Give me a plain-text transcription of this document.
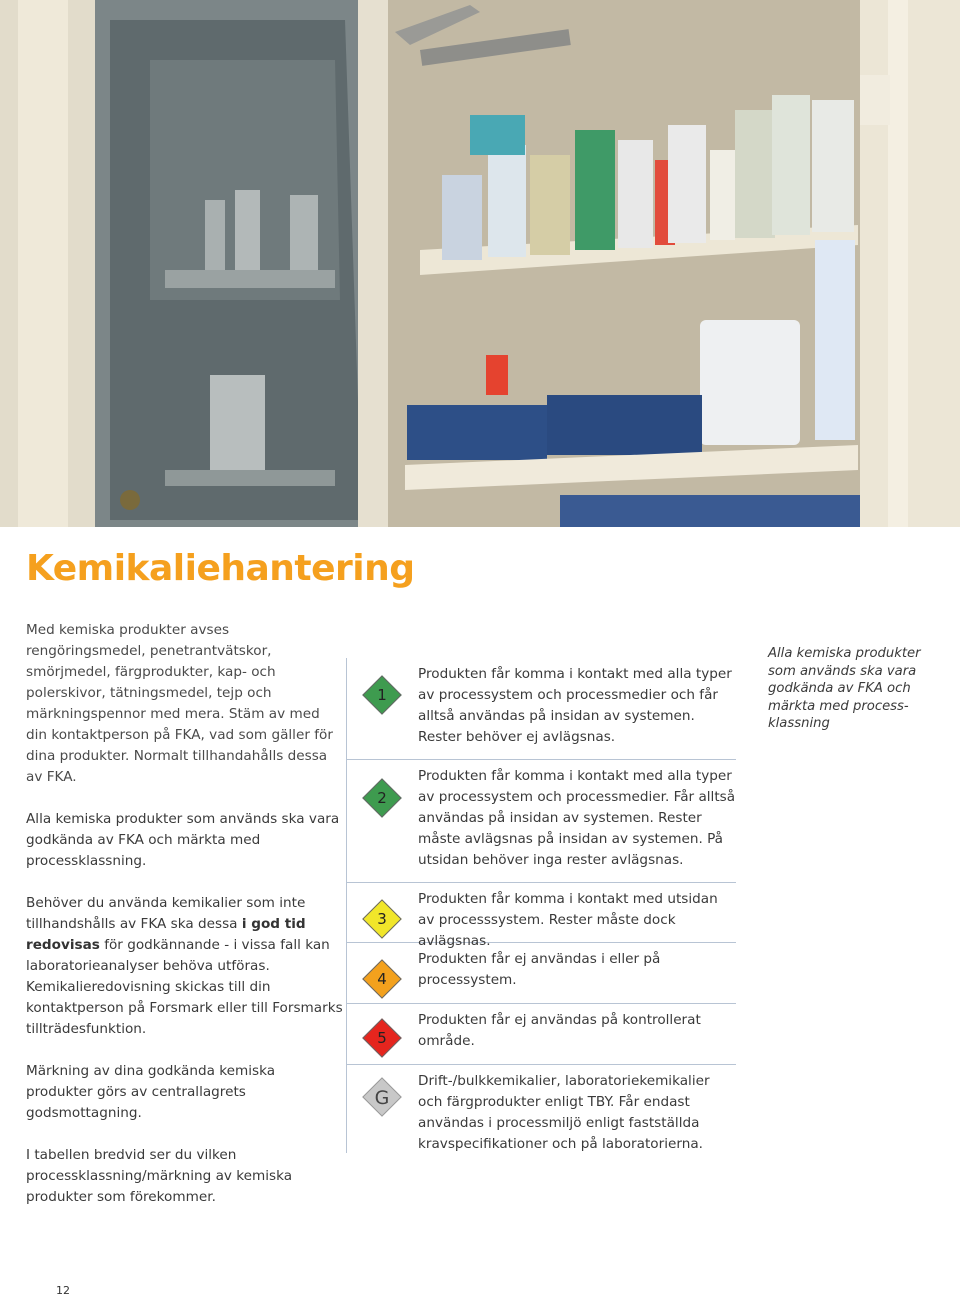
Kemikaliehantering

Med kemiska produkter avses rengöringsmedel, penetrantvätskor, smörjmedel, färgprodukter, kap- och polerskivor, tätningsmedel, tejp och märkningspennor med mera. Stäm av med din kontaktperson på FKA, vad som gäller för dina produkter. Normalt tillhandahålls dessa av FKA.

Alla kemiska produkter som används ska vara godkända av FKA och märkta med processklassning.

Behöver du använda kemikalier som inte tillhandshålls av FKA ska dessa i god tid redovisas för godkännande - i vissa fall kan laboratorieanalyser behöva utföras. Kemikalieredovisning skickas till din kontaktperson på Forsmark eller till Forsmarks tillträdesfunktion.

Märkning av dina godkända kemiska produkter görs av centrallagrets godsmottagning.

I tabellen bredvid ser du vilken processklassning/märkning av kemiska produkter som förekommer.

1
Produkten får komma i kontakt med alla typer av processystem och processmedier och får alltså användas på insidan av systemen. Rester behöver ej avlägsnas.
2
Produkten får komma i kontakt med alla typer av processystem och processmedier. Får alltså användas på insidan av systemen. Rester måste avlägsnas på insidan av systemen. På utsidan behöver inga rester avlägsnas.
3
Produkten får komma i kontakt med utsidan av processsystem. Rester måste dock avlägsnas.
4
Produkten får ej användas i eller på processystem.
5
Produkten får ej användas på kontrollerat område.
G
Drift-/bulkkemikalier, laboratoriekemikalier och färgprodukter enligt TBY. Får endast användas i processmiljö enligt fastställda kravspecifikationer och på laboratorierna.
Alla kemiska produkter som används ska vara godkända av FKA och märkta med processklassning
12
